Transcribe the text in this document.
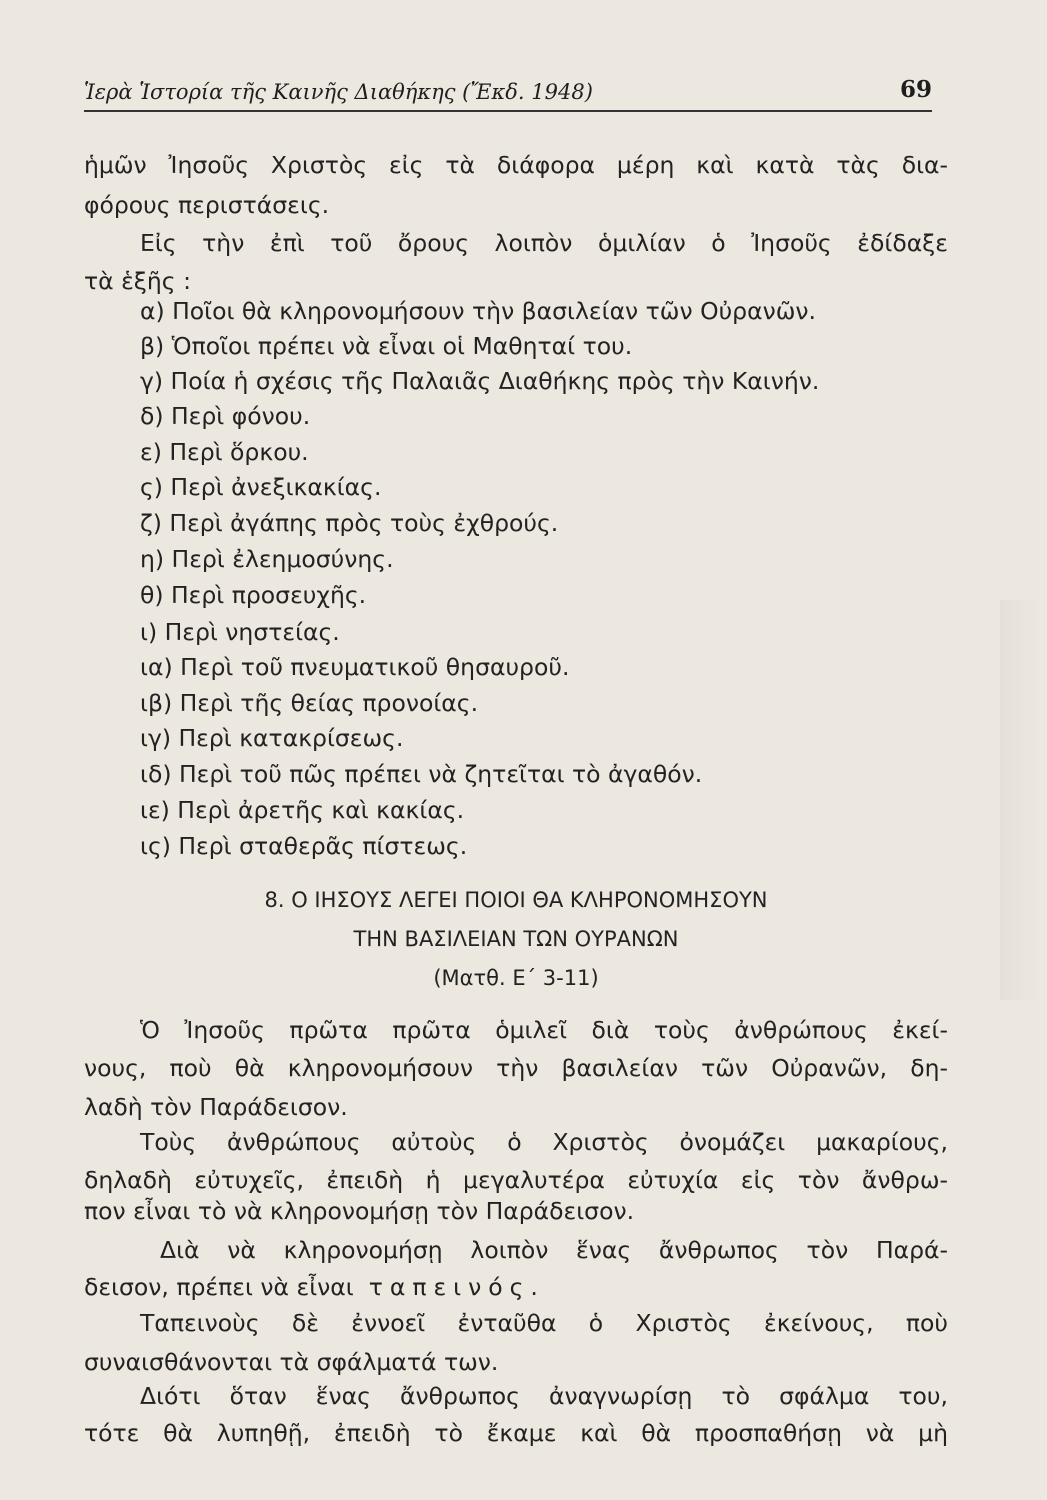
Ἱερὰ Ἱστορία τῆς Καινῆς Διαθήκης (Ἔκδ. 1948)	69
ἡμῶν Ἰησοῦς Χριστὸς εἰς τὰ διάφορα μέρη καὶ κατὰ τὰς δια-
φόρους περιστάσεις.
Εἰς τὴν ἐπὶ τοῦ ὄρους λοιπὸν ὁμιλίαν ὁ Ἰησοῦς ἐδίδαξε
τὰ ἑξῆς :
α) Ποῖοι θὰ κληρονομήσουν τὴν βασιλείαν τῶν Οὐρανῶν.
β) Ὁποῖοι πρέπει νὰ εἶναι οἱ Μαθηταί του.
γ) Ποία ἡ σχέσις τῆς Παλαιᾶς Διαθήκης πρὸς τὴν Καινήν.
δ) Περὶ φόνου.
ε) Περὶ ὅρκου.
ς) Περὶ ἀνεξικακίας.
ζ) Περὶ ἀγάπης πρὸς τοὺς ἐχθρούς.
η) Περὶ ἐλεημοσύνης.
θ) Περὶ προσευχῆς.
ι) Περὶ νηστείας.
ια) Περὶ τοῦ πνευματικοῦ θησαυροῦ.
ιβ) Περὶ τῆς θείας προνοίας.
ιγ) Περὶ κατακρίσεως.
ιδ) Περὶ τοῦ πῶς πρέπει νὰ ζητεῖται τὸ ἀγαθόν.
ιε) Περὶ ἀρετῆς καὶ κακίας.
ις) Περὶ σταθερᾶς πίστεως.
8. Ο ΙΗΣΟΥΣ ΛΕΓΕΙ ΠΟΙΟΙ ΘΑ ΚΛΗΡΟΝΟΜΗΣΟΥΝ
ΤΗΝ ΒΑΣΙΛΕΙΑΝ ΤΩΝ ΟΥΡΑΝΩΝ
(Ματθ. Ε΄ 3-11)
Ὁ Ἰησοῦς πρῶτα πρῶτα ὁμιλεῖ διὰ τοὺς ἀνθρώπους ἐκεί-
νους, ποὺ θὰ κληρονομήσουν τὴν βασιλείαν τῶν Οὐρανῶν, δη-
λαδὴ τὸν Παράδεισον.
Τοὺς ἀνθρώπους αὐτοὺς ὁ Χριστὸς ὀνομάζει μακαρίους,
δηλαδὴ εὐτυχεῖς, ἐπειδὴ ἡ μεγαλυτέρα εὐτυχία εἰς τὸν ἄνθρω-
πον εἶναι τὸ νὰ κληρονομήσῃ τὸν Παράδεισον.
Διὰ νὰ κληρονομήσῃ λοιπὸν ἕνας ἄνθρωπος τὸν Παρά-
δεισον, πρέπει νὰ εἶναι ταπεινός.
Ταπεινοὺς δὲ ἐννοεῖ ἐνταῦθα ὁ Χριστὸς ἐκείνους, ποὺ
συναισθάνονται τὰ σφάλματά των.
Διότι ὅταν ἕνας ἄνθρωπος ἀναγνωρίσῃ τὸ σφάλμα του,
τότε θὰ λυπηθῇ, ἐπειδὴ τὸ ἔκαμε καὶ θὰ προσπαθήσῃ νὰ μὴ
